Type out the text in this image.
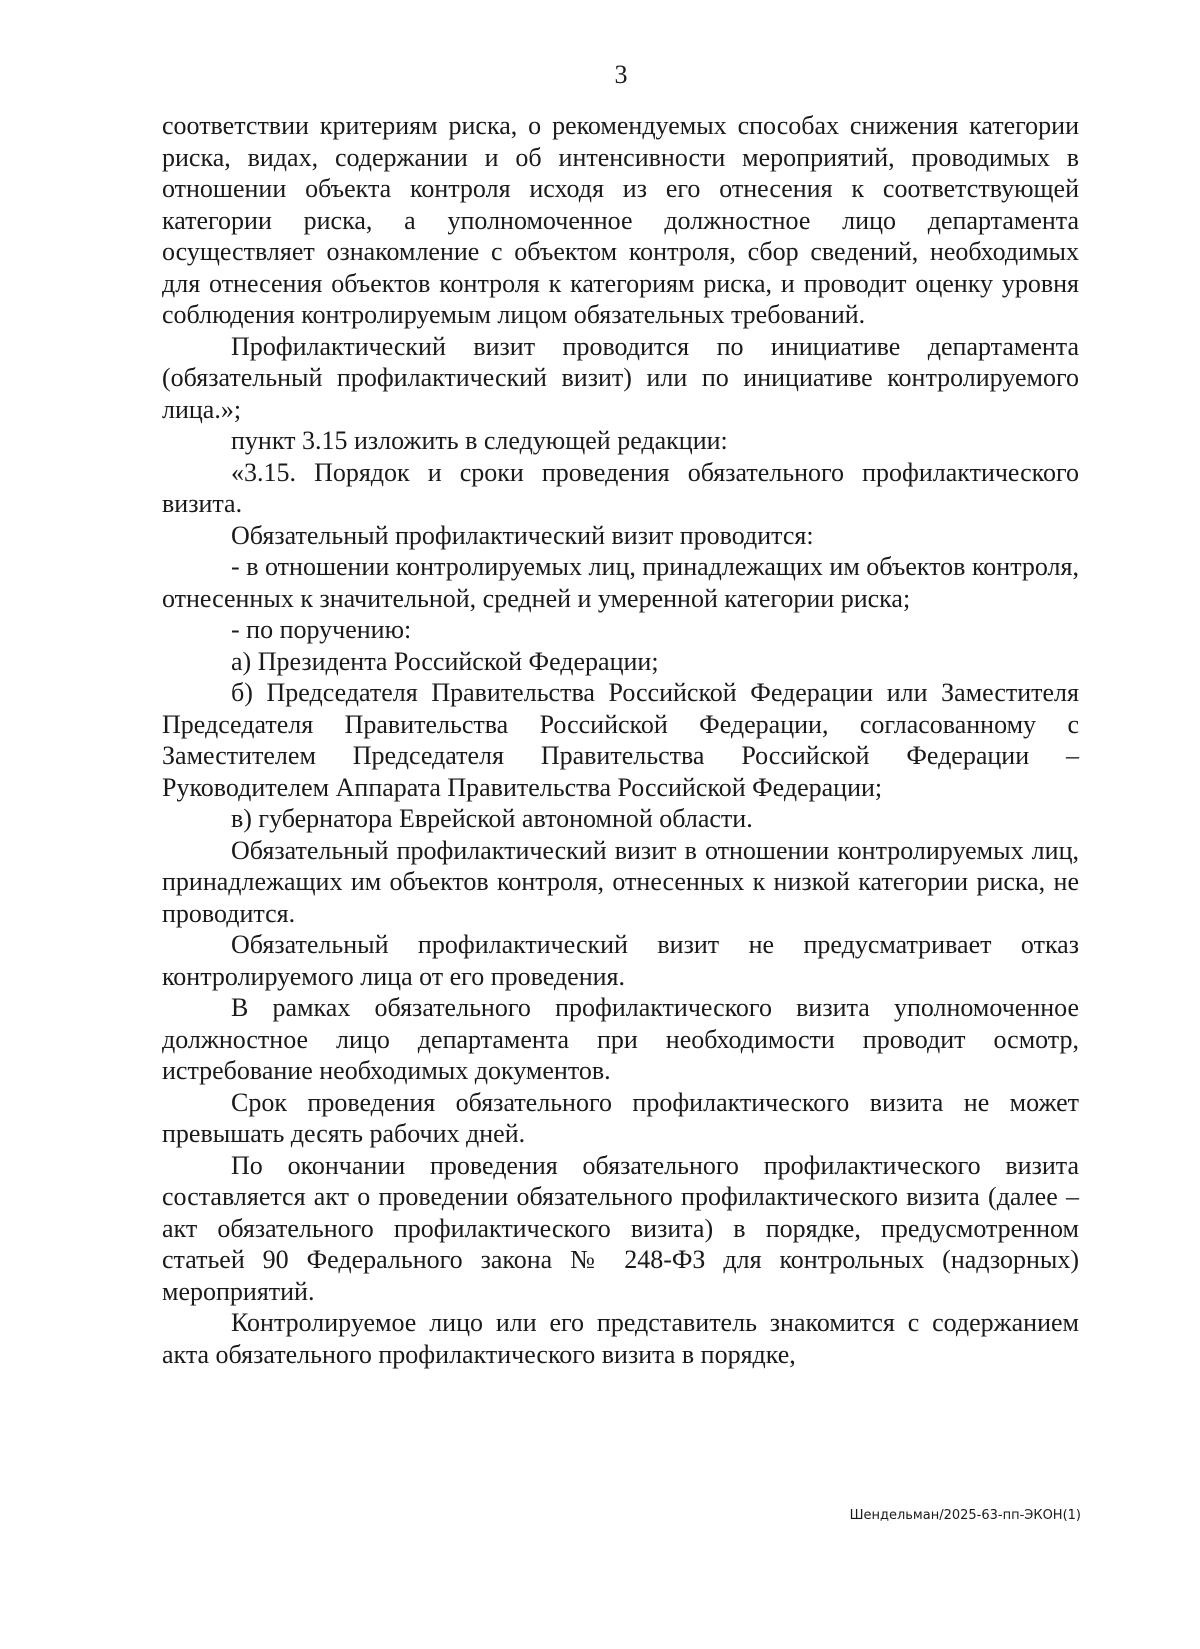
3

соответствии критериям риска, о рекомендуемых способах снижения категории риска, видах, содержании и об интенсивности мероприятий, проводимых в отношении объекта контроля исходя из его отнесения к соответствующей категории риска, а уполномоченное должностное лицо департамента осуществляет ознакомление с объектом контроля, сбор сведений, необходимых для отнесения объектов контроля к категориям риска, и проводит оценку уровня соблюдения контролируемым лицом обязательных требований.

Профилактический визит проводится по инициативе департамента (обязательный профилактический визит) или по инициативе контролируемого лица.»;

пункт 3.15 изложить в следующей редакции:

«3.15. Порядок и сроки проведения обязательного профилактического визита.

Обязательный профилактический визит проводится:

- в отношении контролируемых лиц, принадлежащих им объектов контроля, отнесенных к значительной, средней и умеренной категории риска;

- по поручению:

а) Президента Российской Федерации;

б) Председателя Правительства Российской Федерации или Заместителя Председателя Правительства Российской Федерации, согласованному с Заместителем Председателя Правительства Российской Федерации – Руководителем Аппарата Правительства Российской Федерации;

в) губернатора Еврейской автономной области.

Обязательный профилактический визит в отношении контролируемых лиц, принадлежащих им объектов контроля, отнесенных к низкой категории риска, не проводится.

Обязательный профилактический визит не предусматривает отказ контролируемого лица от его проведения.

В рамках обязательного профилактического визита уполномоченное должностное лицо департамента при необходимости проводит осмотр, истребование необходимых документов.

Срок проведения обязательного профилактического визита не может превышать десять рабочих дней.

По окончании проведения обязательного профилактического визита составляется акт о проведении обязательного профилактического визита (далее – акт обязательного профилактического визита) в порядке, предусмотренном статьей 90 Федерального закона № 248-ФЗ для контрольных (надзорных) мероприятий.

Контролируемое лицо или его представитель знакомится с содержанием акта обязательного профилактического визита в порядке,

Шендельман/2025-63-пп-ЭКОН(1)
